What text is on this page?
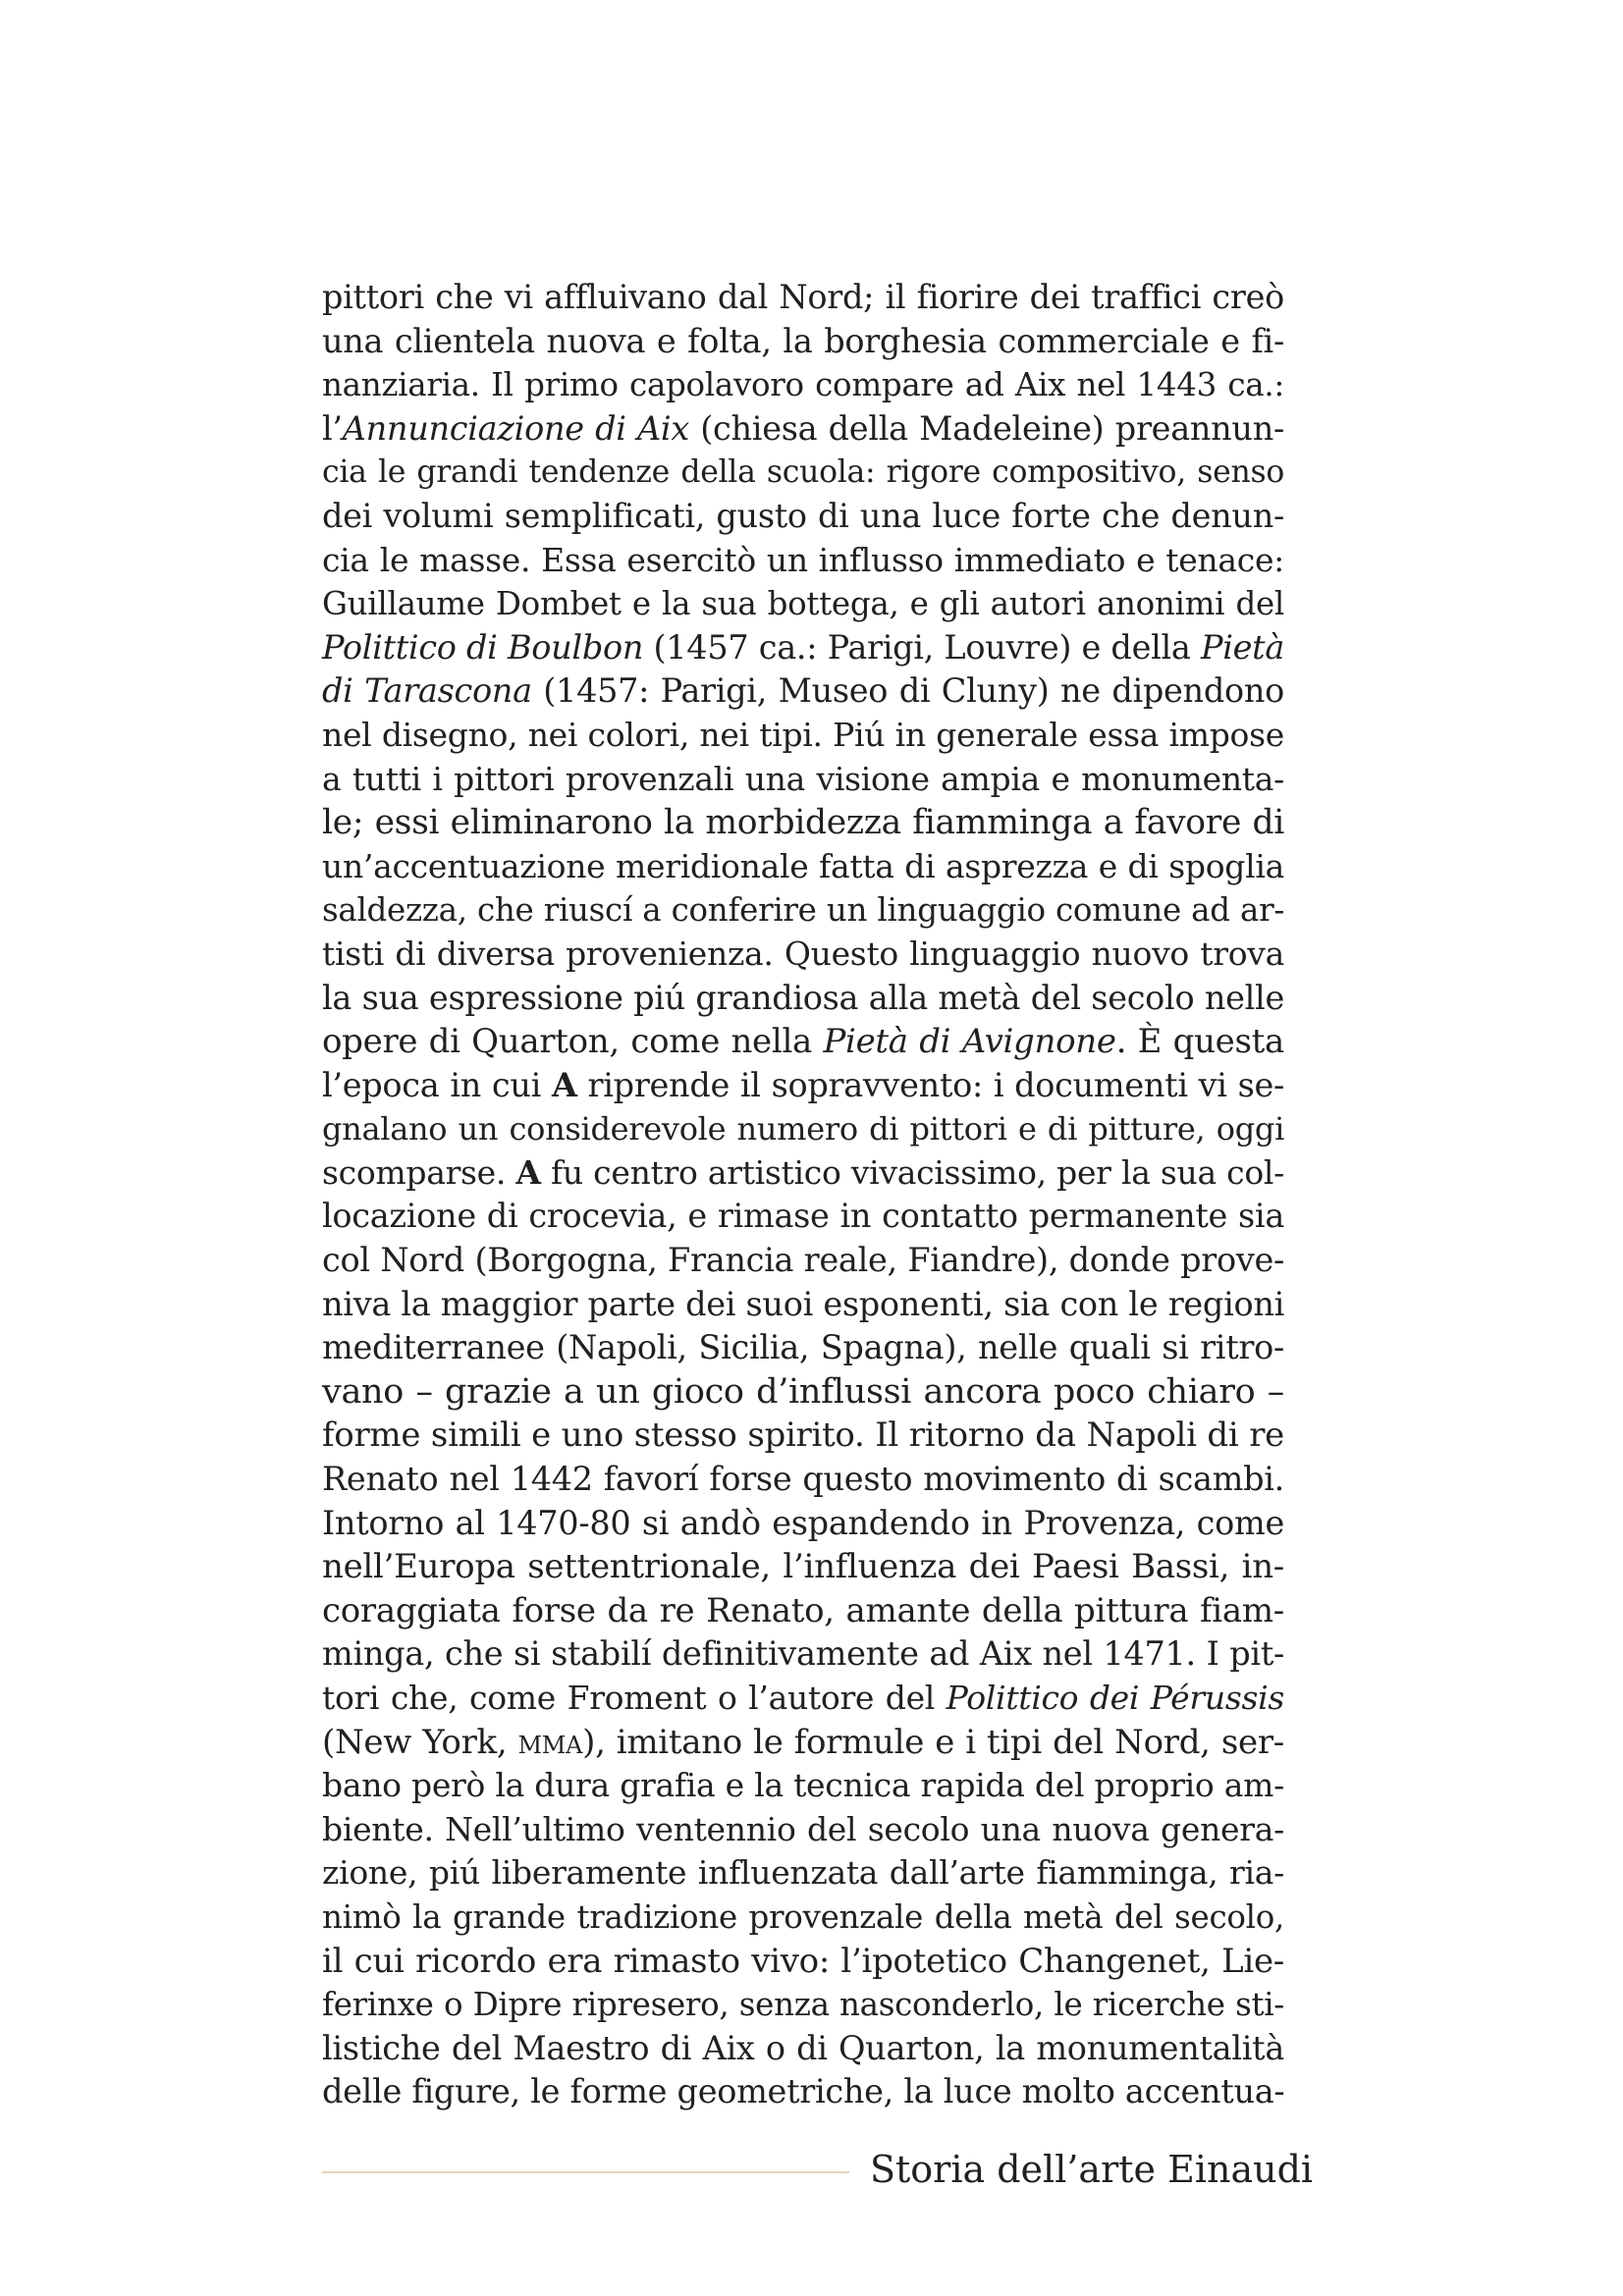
pittori che vi affluivano dal Nord; il fiorire dei traffici creò
una clientela nuova e folta, la borghesia commerciale e fi-
nanziaria. Il primo capolavoro compare ad Aix nel 1443 ca.:
l’Annunciazione di Aix (chiesa della Madeleine) preannun-
cia le grandi tendenze della scuola: rigore compositivo, senso
dei volumi semplificati, gusto di una luce forte che denun-
cia le masse. Essa esercitò un influsso immediato e tenace:
Guillaume Dombet e la sua bottega, e gli autori anonimi del
Polittico di Boulbon (1457 ca.: Parigi, Louvre) e della Pietà
di Tarascona (1457: Parigi, Museo di Cluny) ne dipendono
nel disegno, nei colori, nei tipi. Piú in generale essa impose
a tutti i pittori provenzali una visione ampia e monumenta-
le; essi eliminarono la morbidezza fiamminga a favore di
un’accentuazione meridionale fatta di asprezza e di spoglia
saldezza, che riuscí a conferire un linguaggio comune ad ar-
tisti di diversa provenienza. Questo linguaggio nuovo trova
la sua espressione piú grandiosa alla metà del secolo nelle
opere di Quarton, come nella Pietà di Avignone. È questa
l’epoca in cui A riprende il sopravvento: i documenti vi se-
gnalano un considerevole numero di pittori e di pitture, oggi
scomparse. A fu centro artistico vivacissimo, per la sua col-
locazione di crocevia, e rimase in contatto permanente sia
col Nord (Borgogna, Francia reale, Fiandre), donde prove-
niva la maggior parte dei suoi esponenti, sia con le regioni
mediterranee (Napoli, Sicilia, Spagna), nelle quali si ritro-
vano – grazie a un gioco d’influssi ancora poco chiaro –
forme simili e uno stesso spirito. Il ritorno da Napoli di re
Renato nel 1442 favorí forse questo movimento di scambi.
Intorno al 1470-80 si andò espandendo in Provenza, come
nell’Europa settentrionale, l’influenza dei Paesi Bassi, in-
coraggiata forse da re Renato, amante della pittura fiam-
minga, che si stabilí definitivamente ad Aix nel 1471. I pit-
tori che, come Froment o l’autore del Polittico dei Pérussis
(New York, mma), imitano le formule e i tipi del Nord, ser-
bano però la dura grafia e la tecnica rapida del proprio am-
biente. Nell’ultimo ventennio del secolo una nuova genera-
zione, piú liberamente influenzata dall’arte fiamminga, ria-
nimò la grande tradizione provenzale della metà del secolo,
il cui ricordo era rimasto vivo: l’ipotetico Changenet, Lie-
ferinxe o Dipre ripresero, senza nasconderlo, le ricerche sti-
listiche del Maestro di Aix o di Quarton, la monumentalità
delle figure, le forme geometriche, la luce molto accentua-
Storia dell’arte Einaudi
